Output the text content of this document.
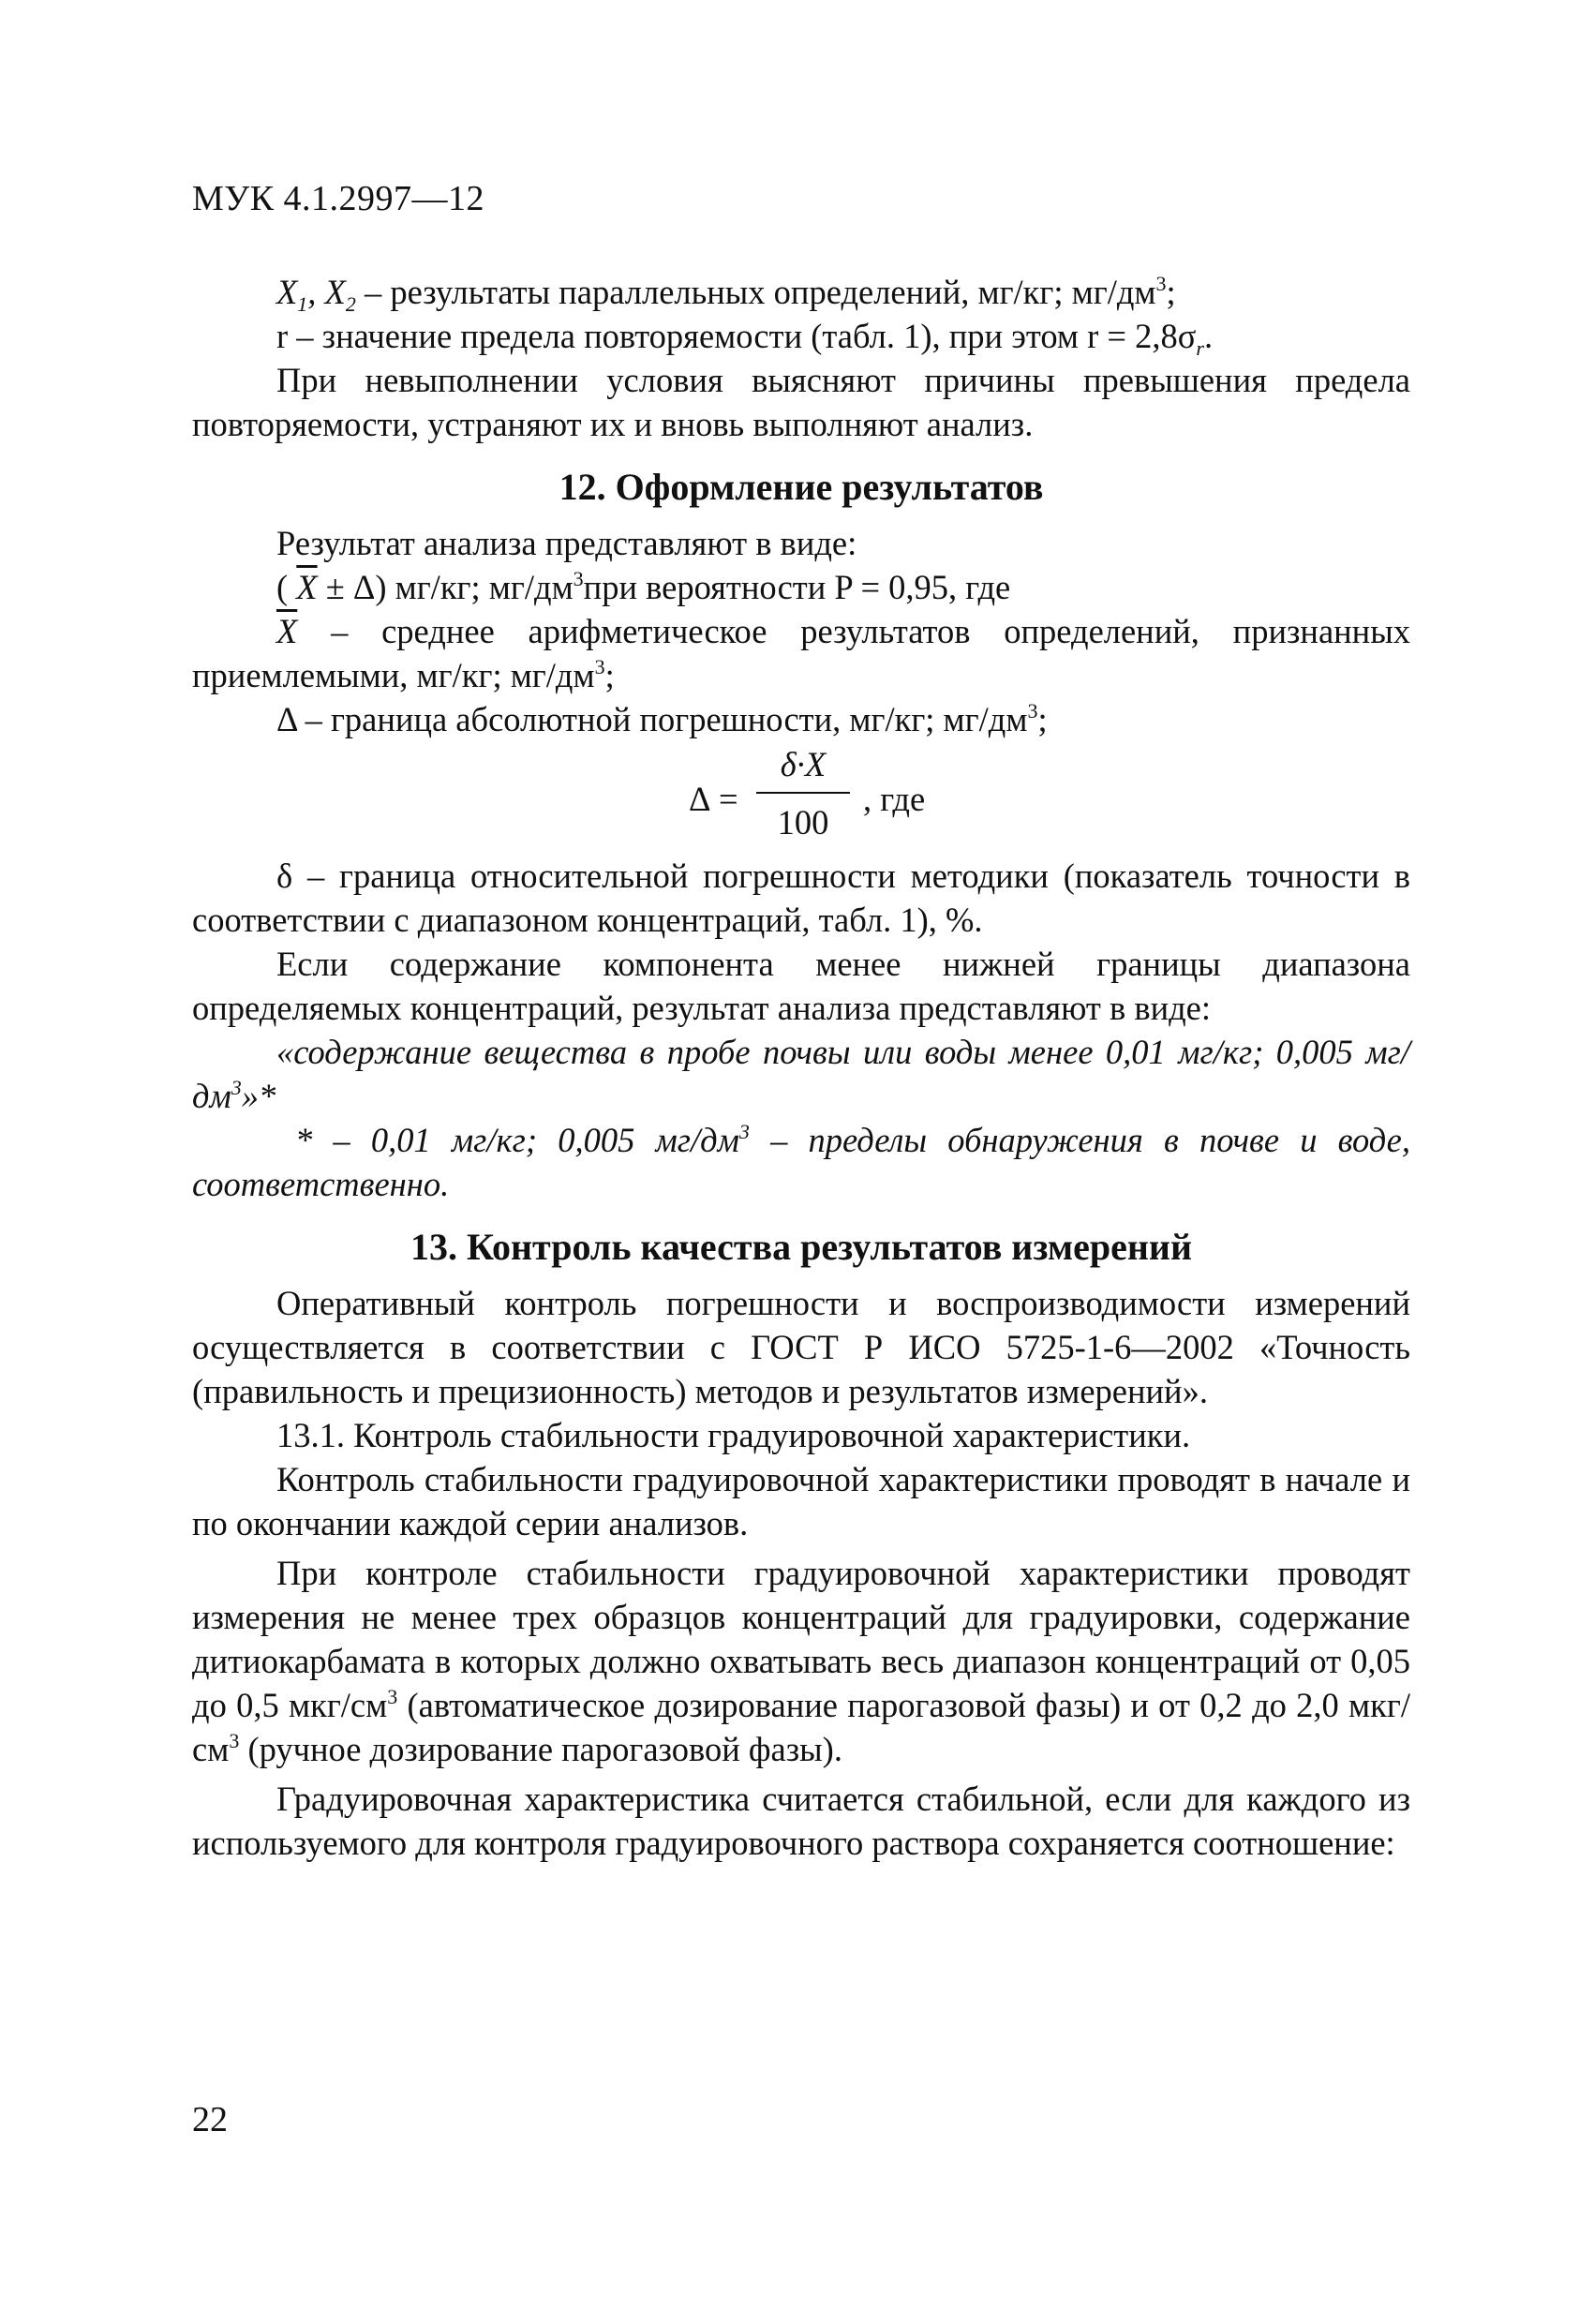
МУК 4.1.2997—12

$X_1$, $X_2$ – результаты параллельных определений, мг/кг; $мг/дм^3$;

r – значение предела повторяемости (табл. 1), при этом $r = 2,8\sigma_r$.

При невыполнении условия выясняют причины превышения предела повторяемости, устраняют их и вновь выполняют анализ.

12. Оформление результатов

Результат анализа представляют в виде:

( $\overline{X} \pm \Delta$) мг/кг; $мг/дм^3при$ вероятности P = 0,95, где

$\overline{X}$ – среднее арифметическое результатов определений, признанных приемлемыми, мг/кг; $мг/дм^3$;

Δ – граница абсолютной погрешности, мг/кг; $мг/дм^3$;

Δ =
δ·X
100
, где

δ – граница относительной погрешности методики (показатель точности в соответствии с диапазоном концентраций, табл. 1), %.

Если содержание компонента менее нижней границы диапазона определяемых концентраций, результат анализа представляют в виде:

«содержание вещества в пробе почвы или воды менее 0,01 мг/кг; 0,005 $мг/дм^3»*$

* – 0,01 мг/кг; 0,005 $мг/дм^3$ – пределы обнаружения в почве и воде, соответственно.

13. Контроль качества результатов измерений

Оперативный контроль погрешности и воспроизводимости измерений осуществляется в соответствии с ГОСТ Р ИСО 5725-1-6—2002 «Точность (правильность и прецизионность) методов и результатов измерений».

13.1. Контроль стабильности градуировочной характеристики.

Контроль стабильности градуировочной характеристики проводят в начале и по окончании каждой серии анализов.

При контроле стабильности градуировочной характеристики проводят измерения не менее трех образцов концентраций для градуировки, содержание дитиокарбамата в которых должно охватывать весь диапазон концентраций от 0,05 до 0,5 мкг/$см^3$ (автоматическое дозирование парогазовой фазы) и от 0,2 до 2,0 мкг/$см^3$ (ручное дозирование парогазовой фазы).

Градуировочная характеристика считается стабильной, если для каждого из используемого для контроля градуировочного раствора сохраняется соотношение:

22
